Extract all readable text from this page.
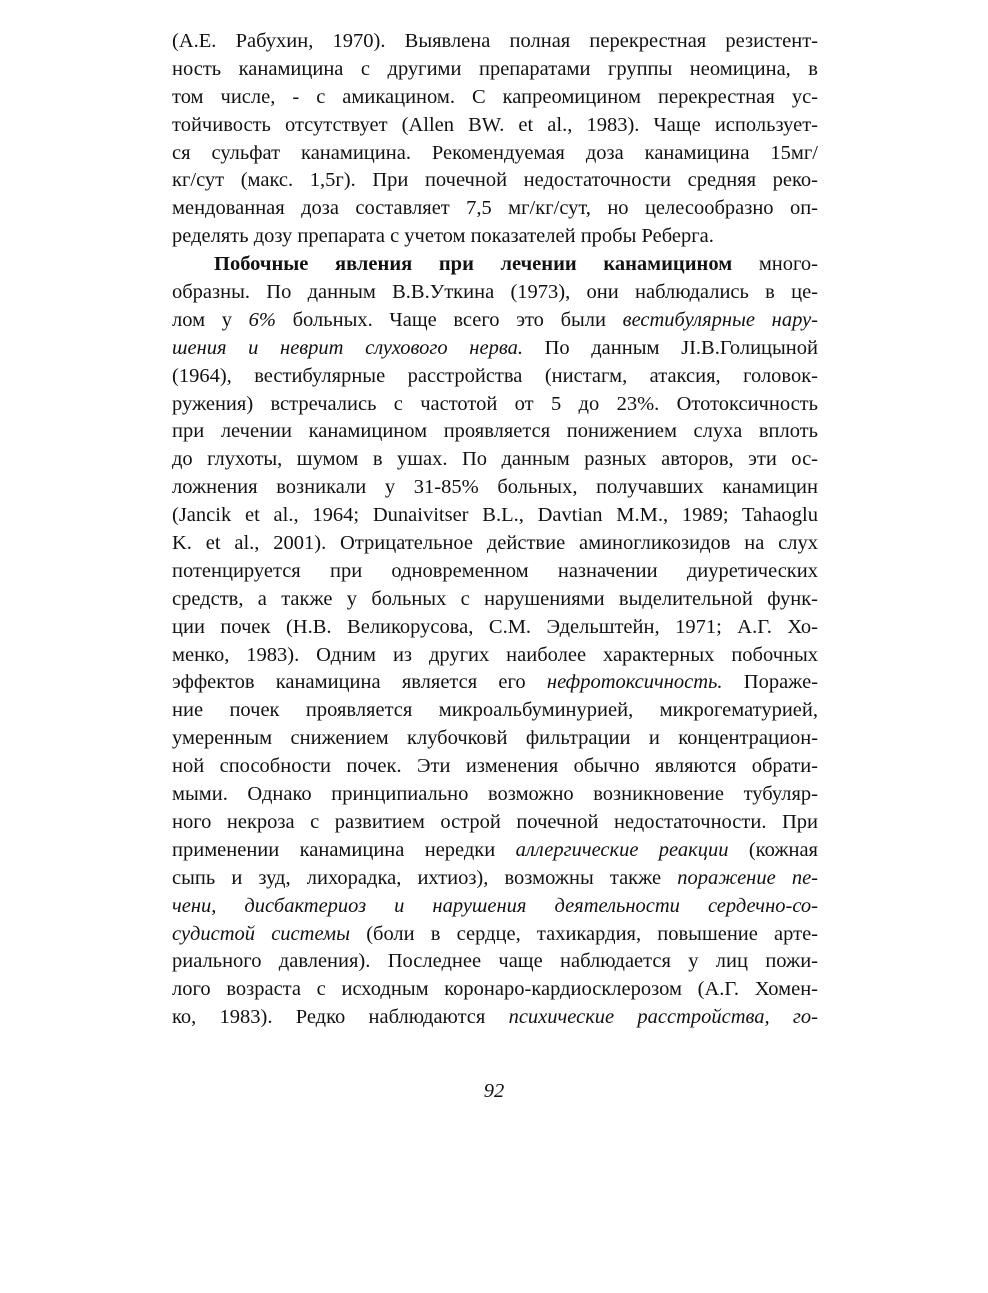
(А.Е. Рабухин, 1970). Выявлена полная перекрестная резистент-
ность канамицина с другими препаратами группы неомицина, в
том числе, - с амикацином. С капреомицином перекрестная ус-
тойчивость отсутствует (Allen BW. et al., 1983). Чаще использует-
ся сульфат канамицина. Рекомендуемая доза канамицина 15мг/
кг/сут (макс. 1,5г). При почечной недостаточности средняя реко-
мендованная доза составляет 7,5 мг/кг/сут, но целесообразно оп-
ределять дозу препарата с учетом показателей пробы Реберга.
Побочные явления при лечении канамицином много-
образны. По данным В.В.Уткина (1973), они наблюдались в це-
лом у 6% больных. Чаще всего это были вестибулярные нару-
шения и неврит слухового нерва. По данным JI.В.Голицыной
(1964), вестибулярные расстройства (нистагм, атаксия, головок-
ружения) встречались с частотой от 5 до 23%. Ототоксичность
при лечении канамицином проявляется понижением слуха вплоть
до глухоты, шумом в ушах. По данным разных авторов, эти ос-
ложнения возникали у 31-85% больных, получавших канамицин
(Jancik et al., 1964; Dunaivitser B.L., Davtian M.M., 1989; Tahaoglu
K. et al., 2001). Отрицательное действие аминогликозидов на слух
потенцируется при одновременном назначении диуретических
средств, а также у больных с нарушениями выделительной функ-
ции почек (Н.В. Великорусова, С.М. Эдельштейн, 1971; А.Г. Хо-
менко, 1983). Одним из других наиболее характерных побочных
эффектов канамицина является его нефротоксичность. Пораже-
ние почек проявляется микроальбуминурией, микрогематурией,
умеренным снижением клубочковй фильтрации и концентрацион-
ной способности почек. Эти изменения обычно являются обрати-
мыми. Однако принципиально возможно возникновение тубуляр-
ного некроза с развитием острой почечной недостаточности. При
применении канамицина нередки аллергические реакции (кожная
сыпь и зуд, лихорадка, ихтиоз), возможны также поражение пе-
чени, дисбактериоз и нарушения деятельности сердечно-со-
судистой системы (боли в сердце, тахикардия, повышение арте-
риального давления). Последнее чаще наблюдается у лиц пожи-
лого возраста с исходным коронаро-кардиосклерозом (А.Г. Хомен-
ко, 1983). Редко наблюдаются психические расстройства, го-
92
